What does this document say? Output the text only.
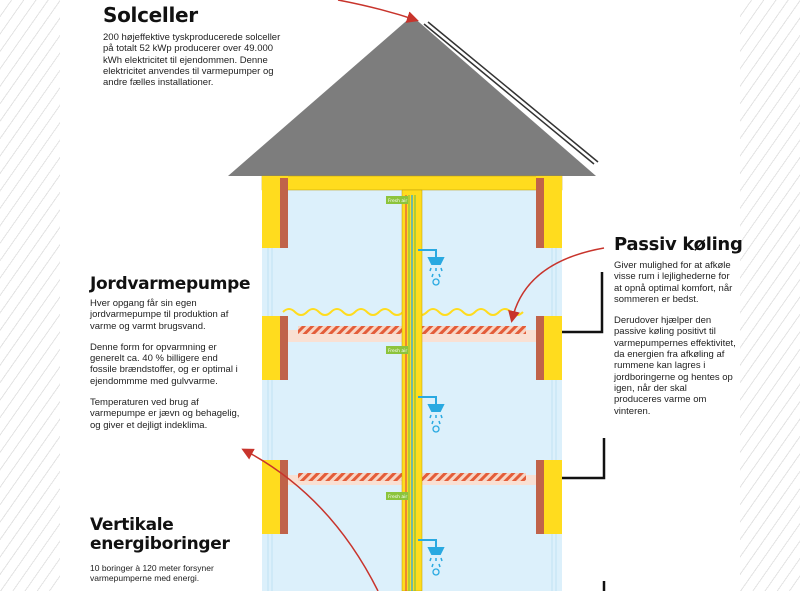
Fresh air
Fresh air
Fresh air
Solceller

200 højeffektive tyskproducerede solceller på totalt 52 kWp producerer over 49.000 kWh elektricitet til ejendommen. Denne elektricitet anvendes til varmepumper og andre fælles installationer.

Jordvarmepumpe

Hver opgang får sin egen jordvarmepumpe til produktion af varme og varmt brugsvand.

Denne form for opvarmning er generelt ca. 40 % billigere end fossile brændstoffer, og er optimal i ejendommme med gulvvarme.

Temperaturen ved brug af varmepumpe er jævn og behagelig, og giver et dejligt indeklima.

Vertikale
energiboringer

10 boringer à 120 meter forsyner varmepumperne med energi.

Passiv køling

Giver mulighed for at afkøle visse rum i lejlighederne for at opnå optimal komfort, når sommeren er bedst.

Derudover hjælper den passive køling positivt til varmepumpernes effektivitet, da energien fra afkøling af rummene kan lagres i jordboringerne og hentes op igen, når der skal produceres varme om vinteren.
